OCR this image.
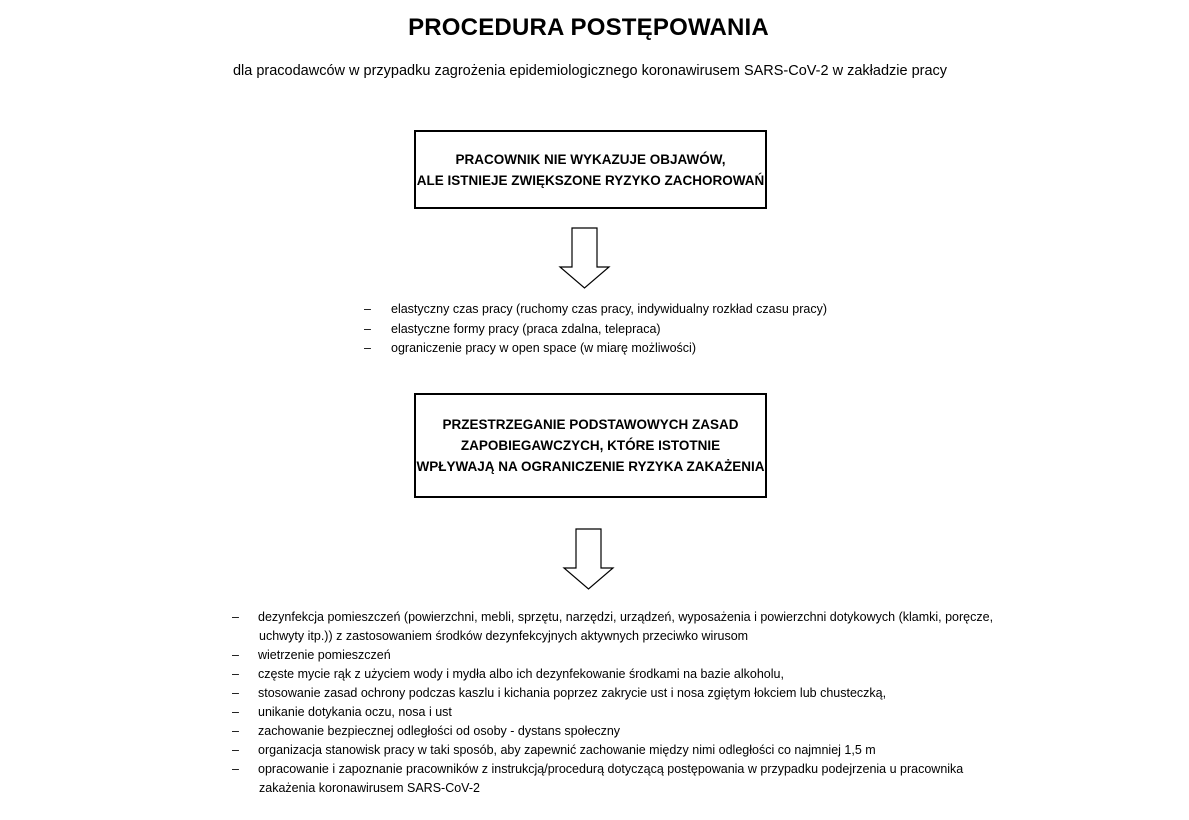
PROCEDURA POSTĘPOWANIA
dla pracodawców w przypadku zagrożenia epidemiologicznego koronawirusem SARS-CoV-2 w zakładzie pracy
PRACOWNIK NIE WYKAZUJE OBJAWÓW,
ALE ISTNIEJE ZWIĘKSZONE RYZYKO ZACHOROWAŃ
– elastyczny czas pracy (ruchomy czas pracy, indywidualny rozkład czasu pracy)
– elastyczne formy pracy (praca zdalna, telepraca)
– ograniczenie pracy w open space (w miarę możliwości)
PRZESTRZEGANIE PODSTAWOWYCH ZASAD
ZAPOBIEGAWCZYCH, KTÓRE ISTOTNIE
WPŁYWAJĄ NA OGRANICZENIE RYZYKA ZAKAŻENIA
– dezynfekcja pomieszczeń (powierzchni, mebli, sprzętu, narzędzi, urządzeń, wyposażenia i powierzchni dotykowych (klamki, poręcze,
uchwyty itp.)) z zastosowaniem środków dezynfekcyjnych aktywnych przeciwko wirusom
– wietrzenie pomieszczeń
– częste mycie rąk z użyciem wody i mydła albo ich dezynfekowanie środkami na bazie alkoholu,
– stosowanie zasad ochrony podczas kaszlu i kichania poprzez zakrycie ust i nosa zgiętym łokciem lub chusteczką,
– unikanie dotykania oczu, nosa i ust
– zachowanie bezpiecznej odległości od osoby - dystans społeczny
– organizacja stanowisk pracy w taki sposób, aby zapewnić zachowanie między nimi odległości co najmniej 1,5 m
– opracowanie i zapoznanie pracowników z instrukcją/procedurą dotyczącą postępowania w przypadku podejrzenia u pracownika
zakażenia koronawirusem SARS-CoV-2
